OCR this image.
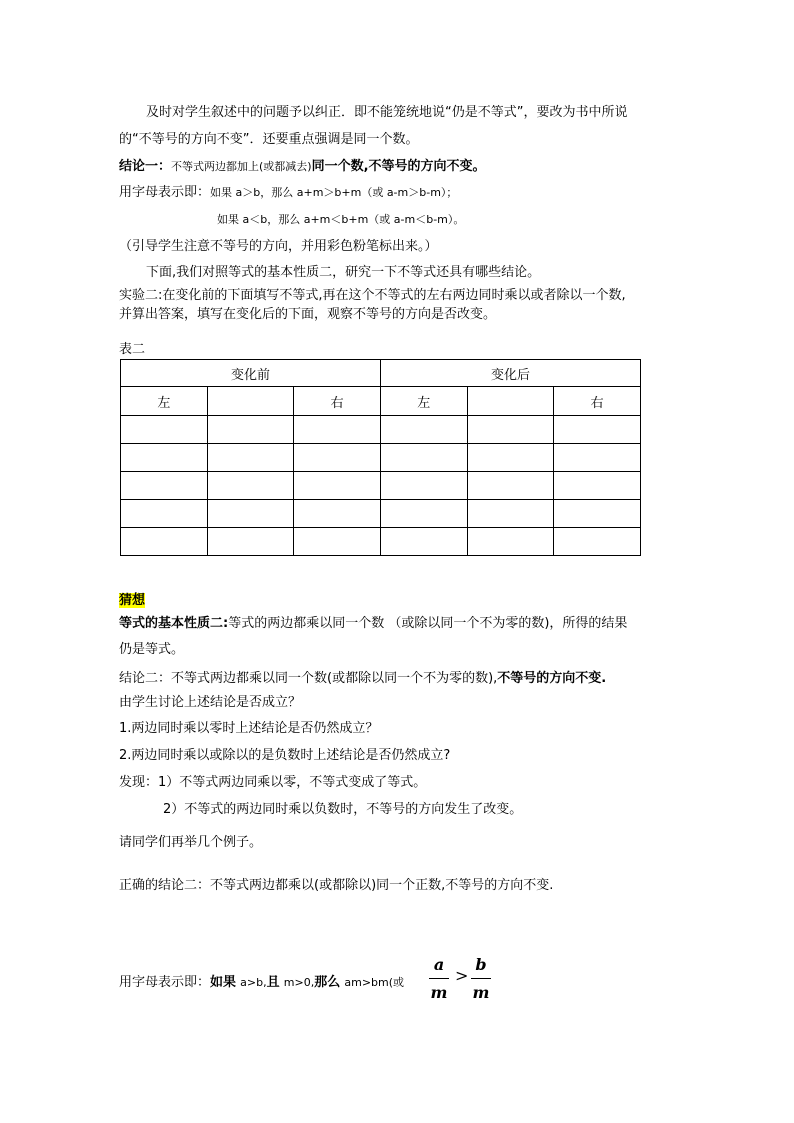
及时对学生叙述中的问题予以纠正．即不能笼统地说“仍是不等式”，要改为书中所说
的“不等号的方向不变”．还要重点强调是同一个数。
结论一：不等式两边都加上(或都减去)同一个数,不等号的方向不变。
用字母表示即：如果 a＞b，那么 a+m＞b+m（或 a-m＞b-m）；
如果 a＜b，那么 a+m＜b+m（或 a-m＜b-m）。
（引导学生注意不等号的方向，并用彩色粉笔标出来。）
下面,我们对照等式的基本性质二，研究一下不等式还具有哪些结论。
实验二:在变化前的下面填写不等式,再在这个不等式的左右两边同时乘以或者除以一个数,
并算出答案，填写在变化后的下面，观察不等号的方向是否改变。
表二
变化前			变化后		
左		右	左		右

猜想
等式的基本性质二:等式的两边都乘以同一个数 （或除以同一个不为零的数)，所得的结果
仍是等式。
结论二：不等式两边都乘以同一个数(或都除以同一个不为零的数),不等号的方向不变.
由学生讨论上述结论是否成立？
1.两边同时乘以零时上述结论是否仍然成立？
2.两边同时乘以或除以的是负数时上述结论是否仍然成立?
发现：1）不等式两边同乘以零，不等式变成了等式。
2）不等式的两边同时乘以负数时，不等号的方向发生了改变。
请同学们再举几个例子。
正确的结论二：不等式两边都乘以(或都除以)同一个正数,不等号的方向不变.
用字母表示即：如果 a>b,且 m>0,那么 am>bm(或
a
m
>
b
m
